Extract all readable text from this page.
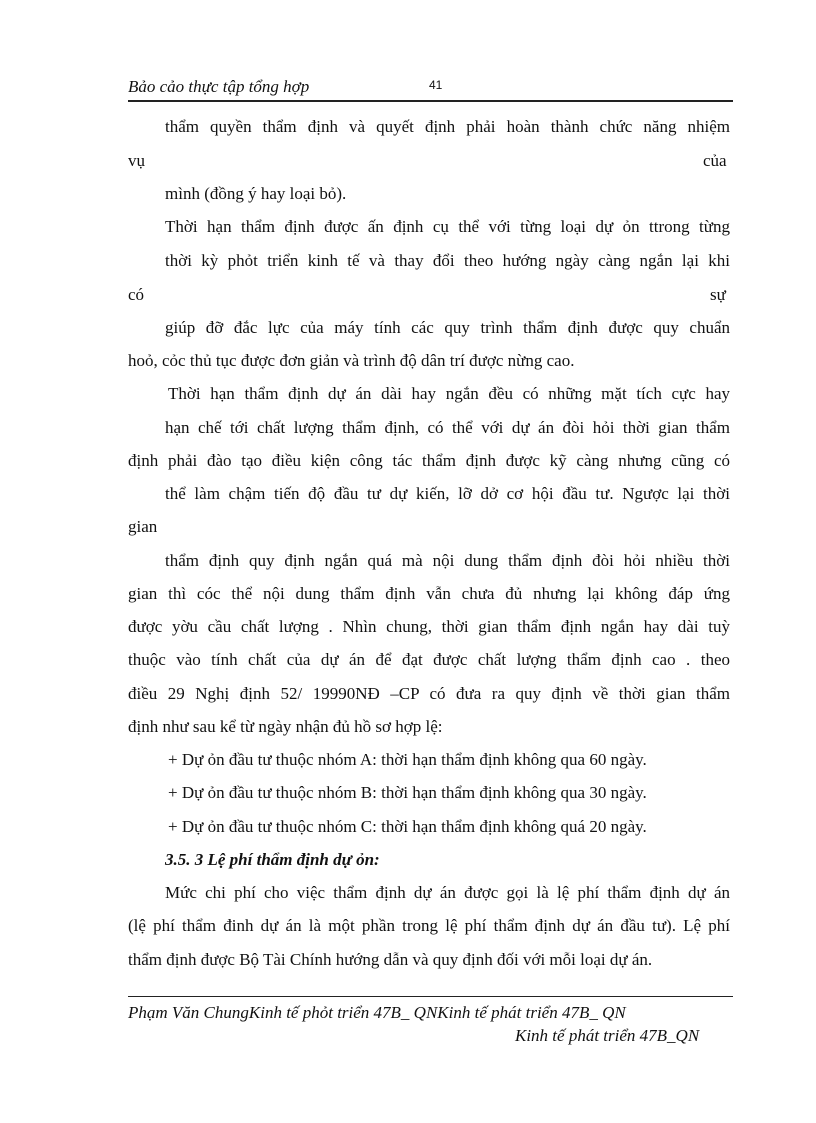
Bảo cảo thực tập tổng hợp	41
thẩm quyền thẩm định và quyết định phải hoàn thành chức năng nhiệm
vụ	của
mình (đồng ý hay loại bỏ).
Thời hạn thẩm định được ấn định cụ thể với từng loại dự ỏn ttrong từng
thời kỳ phỏt triển kinh tế và thay đổi theo hướng ngày càng ngắn lại khi
có	sự
giúp đỡ đắc lực của máy tính các quy trình thẩm định được quy chuẩn
hoỏ, cỏc thủ tục được đơn giản và trình độ dân trí được nừng cao.
Thời hạn thẩm định dự án dài hay ngắn đều có những mặt tích cực hay
hạn chế tới chất lượng thẩm định, có thể với dự án đòi hỏi thời gian thẩm
định phải đào tạo điều kiện công tác thẩm định được kỹ càng nhưng cũng có
thể làm chậm tiến độ đầu tư dự kiến, lỡ dở cơ hội đầu tư. Ngược lại thời
gian
thẩm định quy định ngắn quá mà nội dung thẩm định đòi hỏi nhiều thời
gian thì cóc thể nội dung thẩm định vẫn chưa đủ nhưng lại không đáp ứng
được yờu cầu chất lượng . Nhìn chung, thời gian thẩm định ngắn hay dài tuỳ
thuộc vào tính chất của dự án để đạt được chất lượng thẩm định cao . theo
điều 29 Nghị định 52/ 19990NĐ –CP có đưa ra quy định về thời gian thẩm
định như sau kể từ ngày nhận đủ hồ sơ hợp lệ:
+ Dự ỏn đầu tư thuộc nhóm A: thời hạn thẩm định không qua 60 ngày.
+ Dự ỏn đầu tư thuộc nhóm B: thời hạn thẩm định không qua 30 ngày.
+ Dự ỏn đầu tư thuộc nhóm C: thời hạn thẩm định không quá 20 ngày.
3.5. 3 Lệ phí thẩm định dự ỏn:
Mức chi phí cho việc thẩm định dự án được gọi là lệ phí thẩm định dự án
(lệ phí thẩm đinh dự án là một phần trong lệ phí thẩm định dự án đầu tư). Lệ phí
thẩm định được Bộ Tài Chính hướng dẫn và quy định đối với mỗi loại dự án.
Phạm Văn ChungKinh tế phỏt triển 47B_ QNKinh tế phát triển 47B_ QN
Kinh tế phát triển 47B_QN
